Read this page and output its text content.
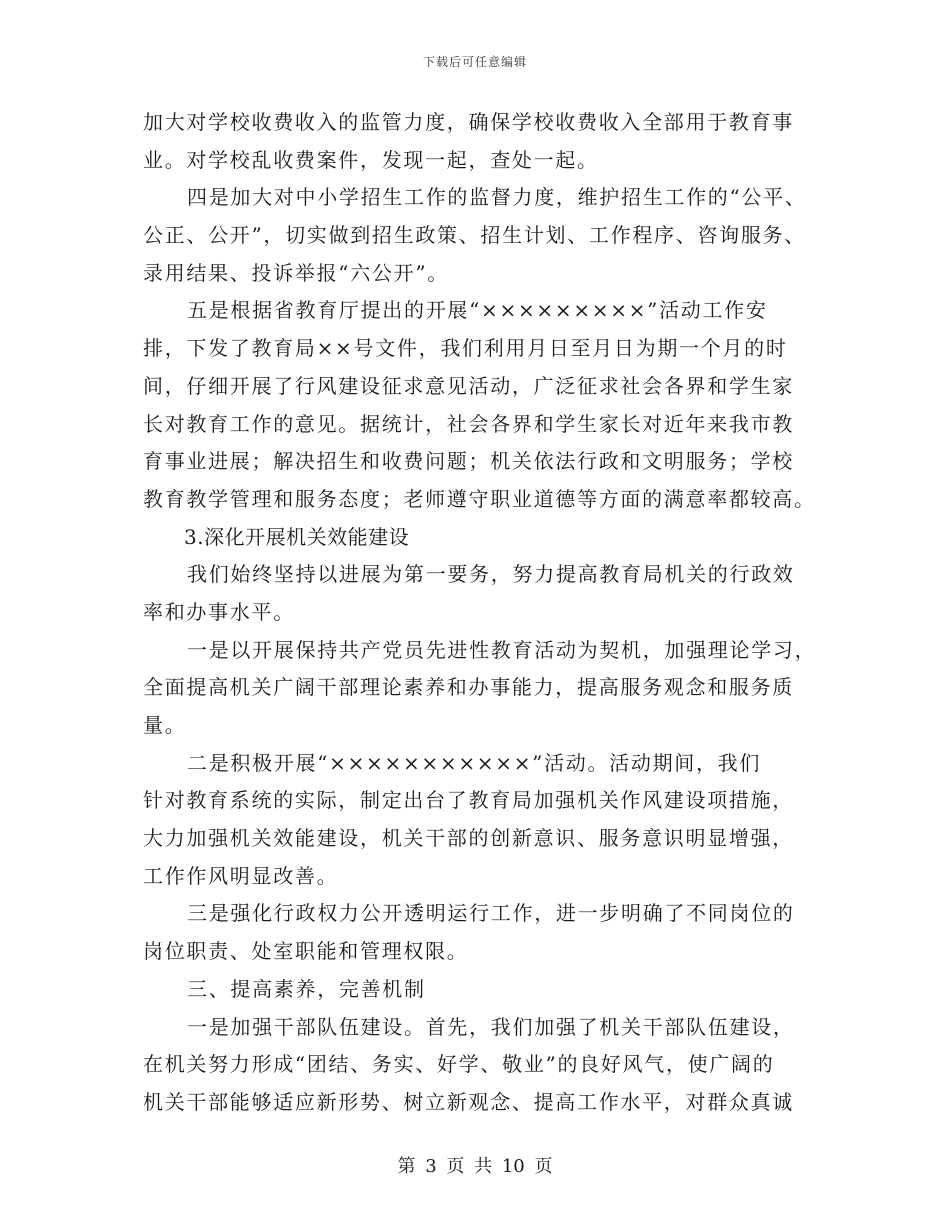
下载后可任意编辑
加大对学校收费收入的监管力度，确保学校收费收入全部用于教育事
业。对学校乱收费案件，发现一起，查处一起。
四是加大对中小学招生工作的监督力度，维护招生工作的“公平、
公正、公开”，切实做到招生政策、招生计划、工作程序、咨询服务、
录用结果、投诉举报“六公开”。
五是根据省教育厅提出的开展“×××××××××”活动工作安
排，下发了教育局××号文件，我们利用月日至月日为期一个月的时
间，仔细开展了行风建设征求意见活动，广泛征求社会各界和学生家
长对教育工作的意见。据统计，社会各界和学生家长对近年来我市教
育事业进展；解决招生和收费问题；机关依法行政和文明服务；学校
教育教学管理和服务态度；老师遵守职业道德等方面的满意率都较高。
3.深化开展机关效能建设
我们始终坚持以进展为第一要务，努力提高教育局机关的行政效
率和办事水平。
一是以开展保持共产党员先进性教育活动为契机，加强理论学习，
全面提高机关广阔干部理论素养和办事能力，提高服务观念和服务质
量。
二是积极开展“×××××××××××”活动。活动期间，我们
针对教育系统的实际，制定出台了教育局加强机关作风建设项措施，
大力加强机关效能建设，机关干部的创新意识、服务意识明显增强，
工作作风明显改善。
三是强化行政权力公开透明运行工作，进一步明确了不同岗位的
岗位职责、处室职能和管理权限。
三、提高素养，完善机制
一是加强干部队伍建设。首先，我们加强了机关干部队伍建设，
在机关努力形成“团结、务实、好学、敬业”的良好风气，使广阔的
机关干部能够适应新形势、树立新观念、提高工作水平，对群众真诚
第 3 页 共 10 页
